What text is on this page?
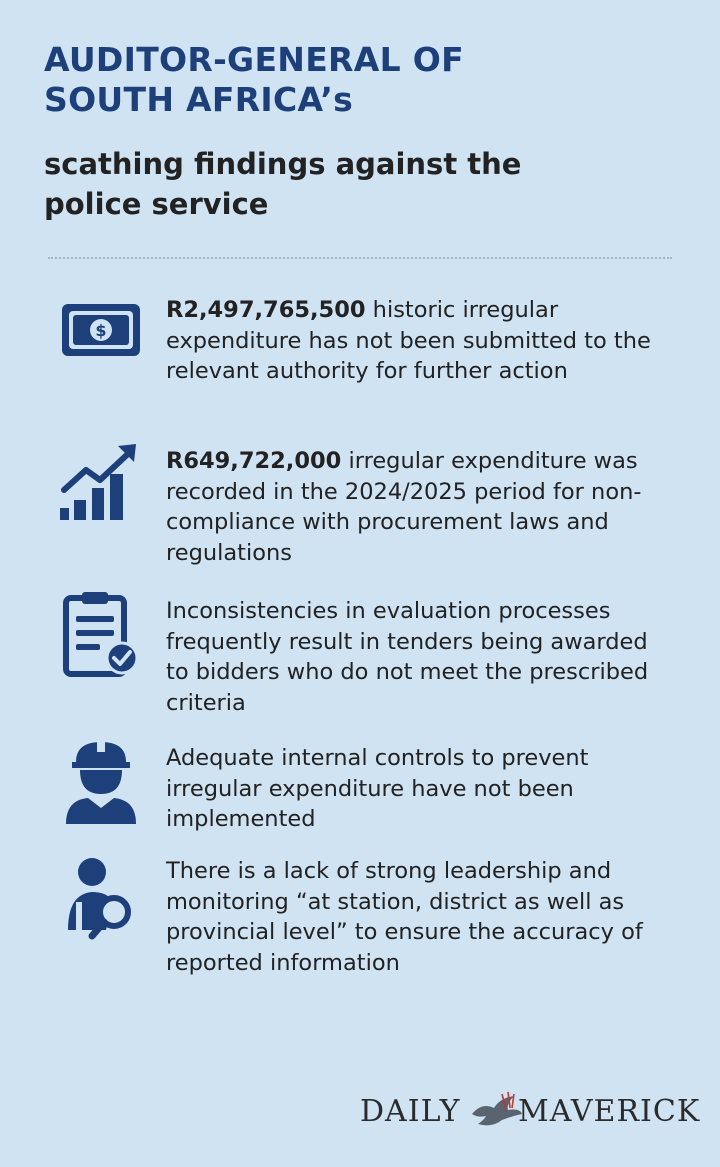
AUDITOR-GENERAL OF
SOUTH AFRICA’s
scathing findings against the
police service
$

R2,497,765,500 historic irregular expenditure has not been submitted to the relevant authority for further action

R649,722,000 irregular expenditure was recorded in the 2024/2025 period for non-compliance with procurement laws and regulations

Inconsistencies in evaluation processes frequently result in tenders being awarded to bidders who do not meet the prescribed criteria

Adequate internal controls to prevent irregular expenditure have not been implemented

There is a lack of strong leadership and monitoring “at station, district as well as provincial level” to ensure the accuracy of reported information

DAILY MAVERICK
